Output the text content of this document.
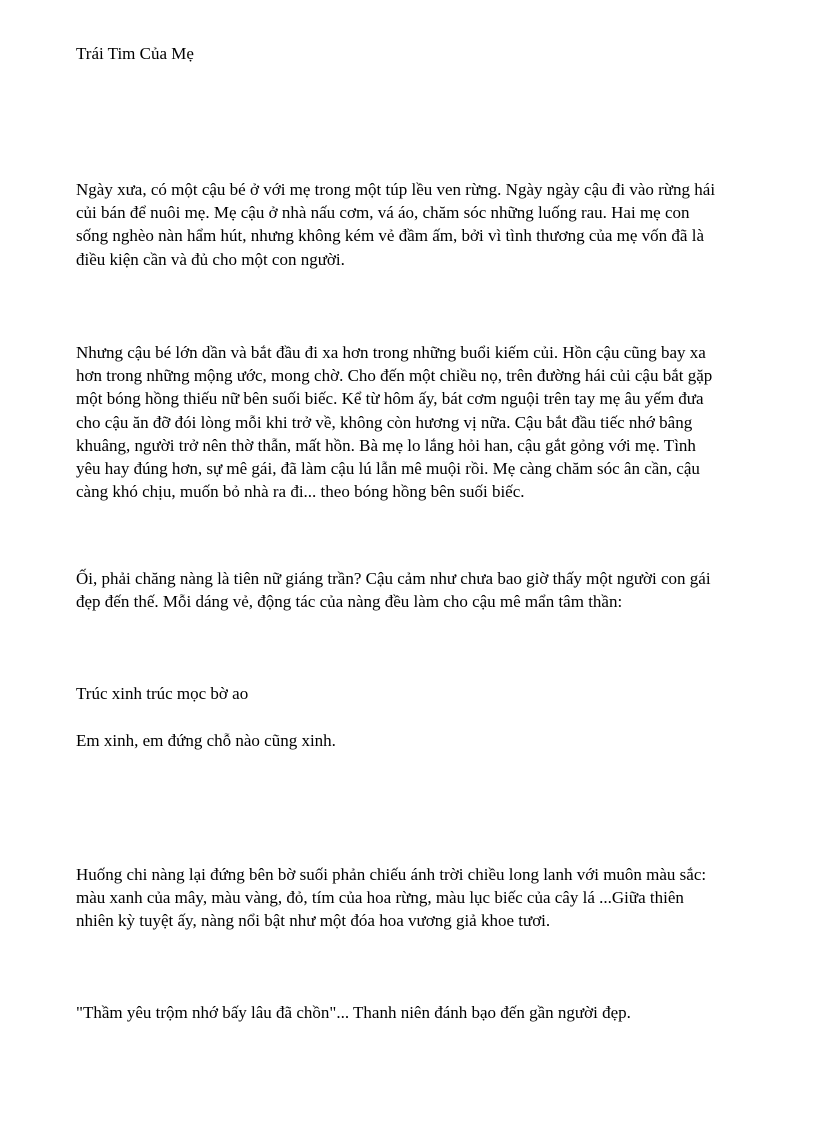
Trái Tim Của Mẹ

Ngày xưa, có một cậu bé ở với mẹ trong một túp lều ven rừng. Ngày ngày cậu đi vào rừng hái
củi bán để nuôi mẹ. Mẹ cậu ở nhà nấu cơm, vá áo, chăm sóc những luống rau. Hai mẹ con
sống nghèo nàn hẩm hút, nhưng không kém vẻ đầm ấm, bởi vì tình thương của mẹ vốn đã là
điều kiện cần và đủ cho một con người.

Nhưng cậu bé lớn dần và bắt đầu đi xa hơn trong những buổi kiếm củi. Hồn cậu cũng bay xa
hơn trong những mộng ước, mong chờ. Cho đến một chiều nọ, trên đường hái củi cậu bắt gặp
một bóng hồng thiếu nữ bên suối biếc. Kể từ hôm ấy, bát cơm nguội trên tay mẹ âu yếm đưa
cho cậu ăn đỡ đói lòng mỗi khi trở về, không còn hương vị nữa. Cậu bắt đầu tiếc nhớ bâng
khuâng, người trở nên thờ thẫn, mất hồn. Bà mẹ lo lắng hỏi han, cậu gắt gỏng với mẹ. Tình
yêu hay đúng hơn, sự mê gái, đã làm cậu lú lẫn mê muội rồi. Mẹ càng chăm sóc ân cần, cậu
càng khó chịu, muốn bỏ nhà ra đi... theo bóng hồng bên suối biếc.

Ối, phải chăng nàng là tiên nữ giáng trần? Cậu cảm như chưa bao giờ thấy một người con gái
đẹp đến thế. Mỗi dáng vẻ, động tác của nàng đều làm cho cậu mê mẩn tâm thần:

Trúc xinh trúc mọc bờ ao

Em xinh, em đứng chỗ nào cũng xinh.

Huống chi nàng lại đứng bên bờ suối phản chiếu ánh trời chiều long lanh với muôn màu sắc:
màu xanh của mây, màu vàng, đỏ, tím của hoa rừng, màu lục biếc của cây lá ...Giữa thiên
nhiên kỳ tuyệt ấy, nàng nổi bật như một đóa hoa vương giả khoe tươi.

"Thầm yêu trộm nhớ bấy lâu đã chồn"... Thanh niên đánh bạo đến gần người đẹp.
